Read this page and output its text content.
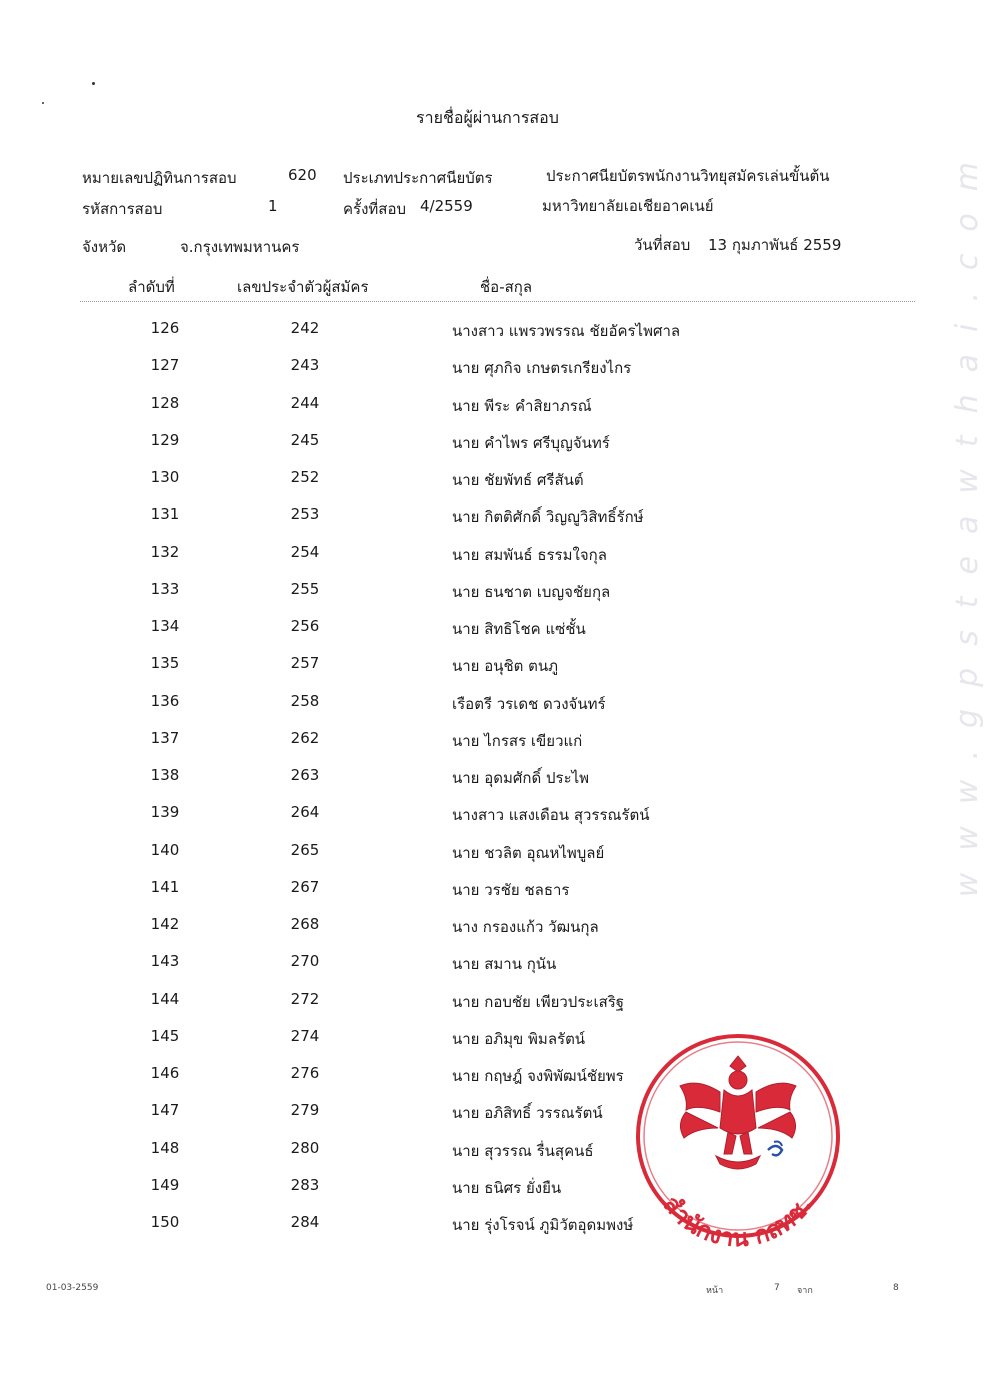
รายชื่อผู้ผ่านการสอบ
หมายเลขปฏิทินการสอบ	620 ประเภทประกาศนียบัตร	ประกาศนียบัตรพนักงานวิทยุสมัครเล่นขั้นต้น
รหัสการสอบ	1	ครั้งที่สอบ 4/2559	มหาวิทยาลัยเอเชียอาคเนย์
จังหวัด	จ.กรุงเทพมหานคร	วันที่สอบ 13 กุมภาพันธ์ 2559
ลำดับที่	เลขประจำตัวผู้สมัคร	ชื่อ-สกุล
126	242	นางสาว แพรวพรรณ ชัยอัครไพศาล
127	243	นาย ศุภกิจ เกษตรเกรียงไกร
128	244	นาย พีระ คำสิยาภรณ์
129	245	นาย คำไพร ศรีบุญจันทร์
130	252	นาย ชัยพัทธ์ ศรีสันต์
131	253	นาย กิตติศักดิ์ วิญญูวิสิทธิ์รักษ์
132	254	นาย สมพันธ์ ธรรมใจกุล
133	255	นาย ธนชาต เบญจชัยกุล
134	256	นาย สิทธิโชค แซ่ชั้น
135	257	นาย อนุชิต ตนภู
136	258	เรือตรี วรเดช ดวงจันทร์
137	262	นาย ไกรสร เขียวแก่
138	263	นาย อุดมศักดิ์ ประไพ
139	264	นางสาว แสงเดือน สุวรรณรัตน์
140	265	นาย ชวลิต อุณหไพบูลย์
141	267	นาย วรชัย ชลธาร
142	268	นาง กรองแก้ว วัฒนกุล
143	270	นาย สมาน กุนัน
144	272	นาย กอบชัย เพียวประเสริฐ
145	274	นาย อภิมุข พิมลรัตน์
146	276	นาย กฤษฎ์ จงพิพัฒน์ชัยพร
147	279	นาย อภิสิทธิ์ วรรณรัตน์
148	280	นาย สุวรรณ รื่นสุคนธ์
149	283	นาย ธนิศร ยั่งยืน
150	284	นาย รุ่งโรจน์ ภูมิวัตอุดมพงษ์
www.gpsteawthai.com
สำนักงาน กสทช.
01-03-2559	หน้า	7 จาก	8
